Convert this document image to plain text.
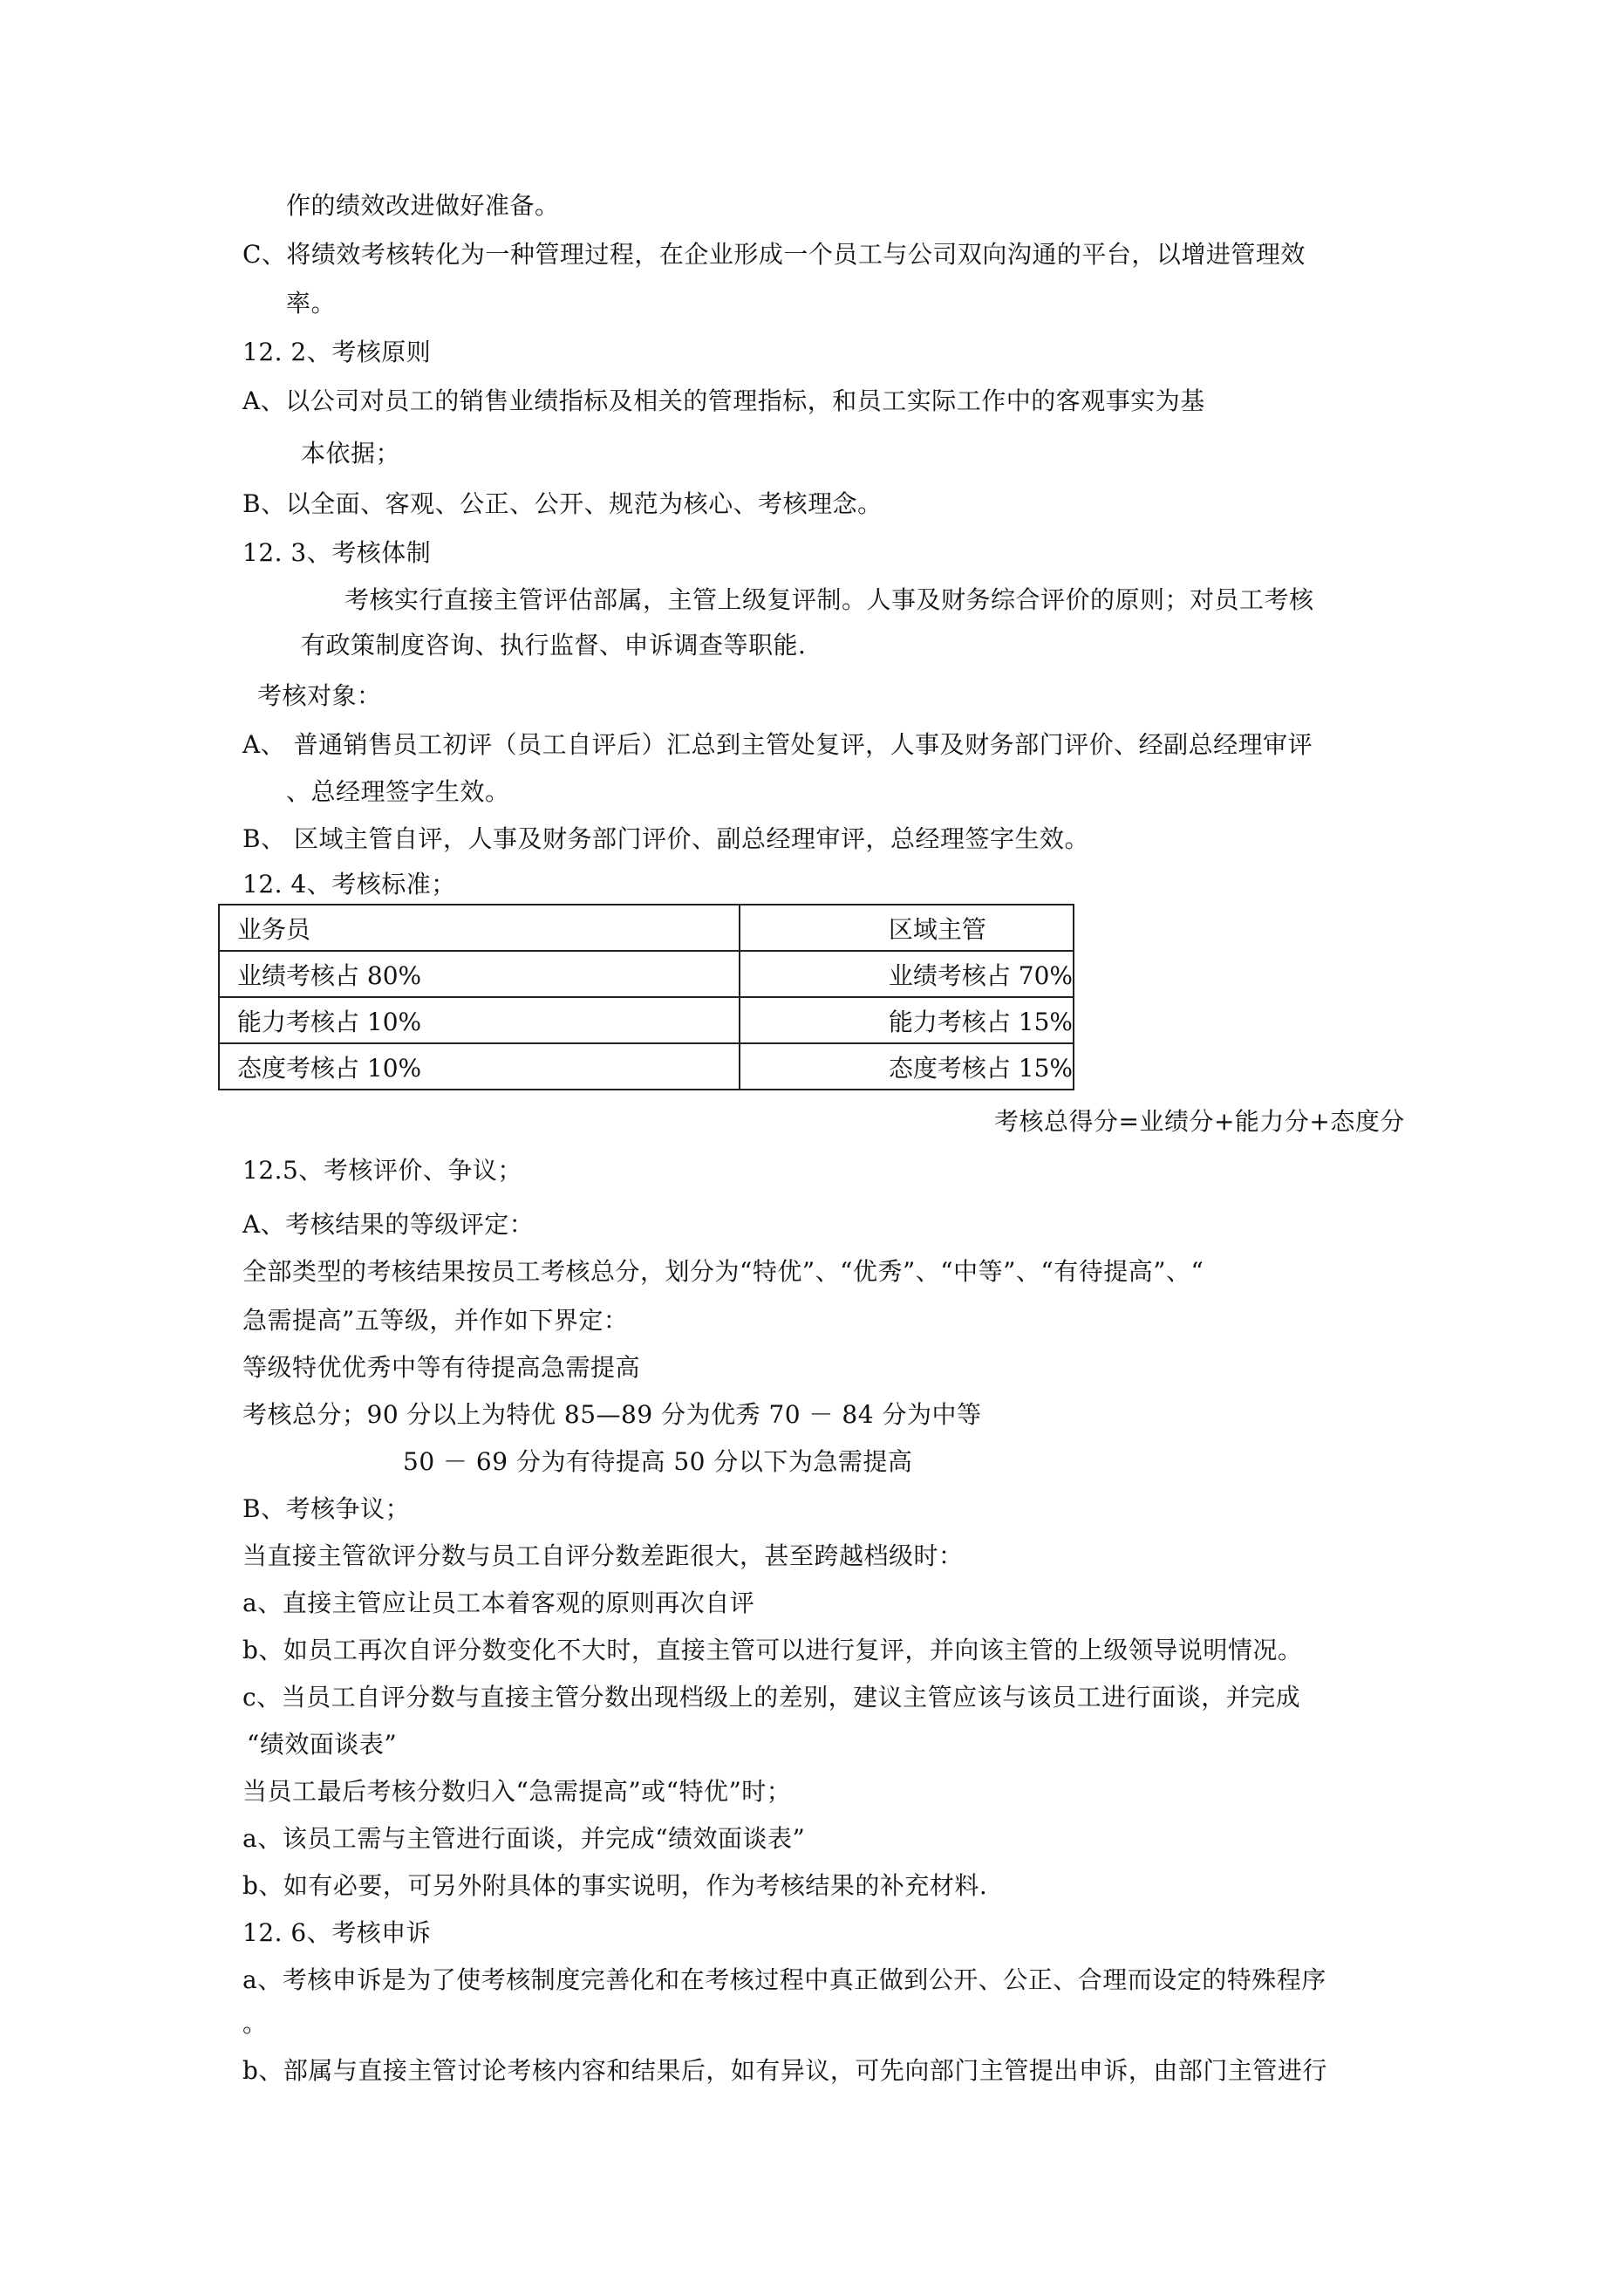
作的绩效改进做好准备。
C、将绩效考核转化为一种管理过程，在企业形成一个员工与公司双向沟通的平台，以增进管理效
率。
12. 2、考核原则
A、以公司对员工的销售业绩指标及相关的管理指标，和员工实际工作中的客观事实为基
本依据；
B、以全面、客观、公正、公开、规范为核心、考核理念。
12. 3、考核体制
考核实行直接主管评估部属，主管上级复评制。人事及财务综合评价的原则；对员工考核
有政策制度咨询、执行监督、申诉调查等职能.
考核对象：
A、 普通销售员工初评（员工自评后）汇总到主管处复评，人事及财务部门评价、经副总经理审评
、总经理签字生效。
B、 区域主管自评，人事及财务部门评价、副总经理审评，总经理签字生效。
12. 4、考核标准；
业务员	区域主管
业绩考核占 80%	业绩考核占 70%
能力考核占 10%	能力考核占 15%
态度考核占 10%	态度考核占 15%
考核总得分=业绩分+能力分+态度分
12.5、考核评价、争议；
A、考核结果的等级评定：
全部类型的考核结果按员工考核总分，划分为“特优”、“优秀”、“中等”、“有待提高”、“
急需提高”五等级，并作如下界定：
等级特优优秀中等有待提高急需提高
考核总分；90 分以上为特优 85—89 分为优秀 70 － 84 分为中等
50 － 69 分为有待提高 50 分以下为急需提高
B、考核争议；
当直接主管欲评分数与员工自评分数差距很大，甚至跨越档级时：
a、直接主管应让员工本着客观的原则再次自评
b、如员工再次自评分数变化不大时，直接主管可以进行复评，并向该主管的上级领导说明情况。
c、当员工自评分数与直接主管分数出现档级上的差别，建议主管应该与该员工进行面谈，并完成
“绩效面谈表”
当员工最后考核分数归入“急需提高”或“特优”时；
a、该员工需与主管进行面谈，并完成“绩效面谈表”
b、如有必要，可另外附具体的事实说明，作为考核结果的补充材料.
12. 6、考核申诉
a、考核申诉是为了使考核制度完善化和在考核过程中真正做到公开、公正、合理而设定的特殊程序
。
b、部属与直接主管讨论考核内容和结果后，如有异议，可先向部门主管提出申诉，由部门主管进行
